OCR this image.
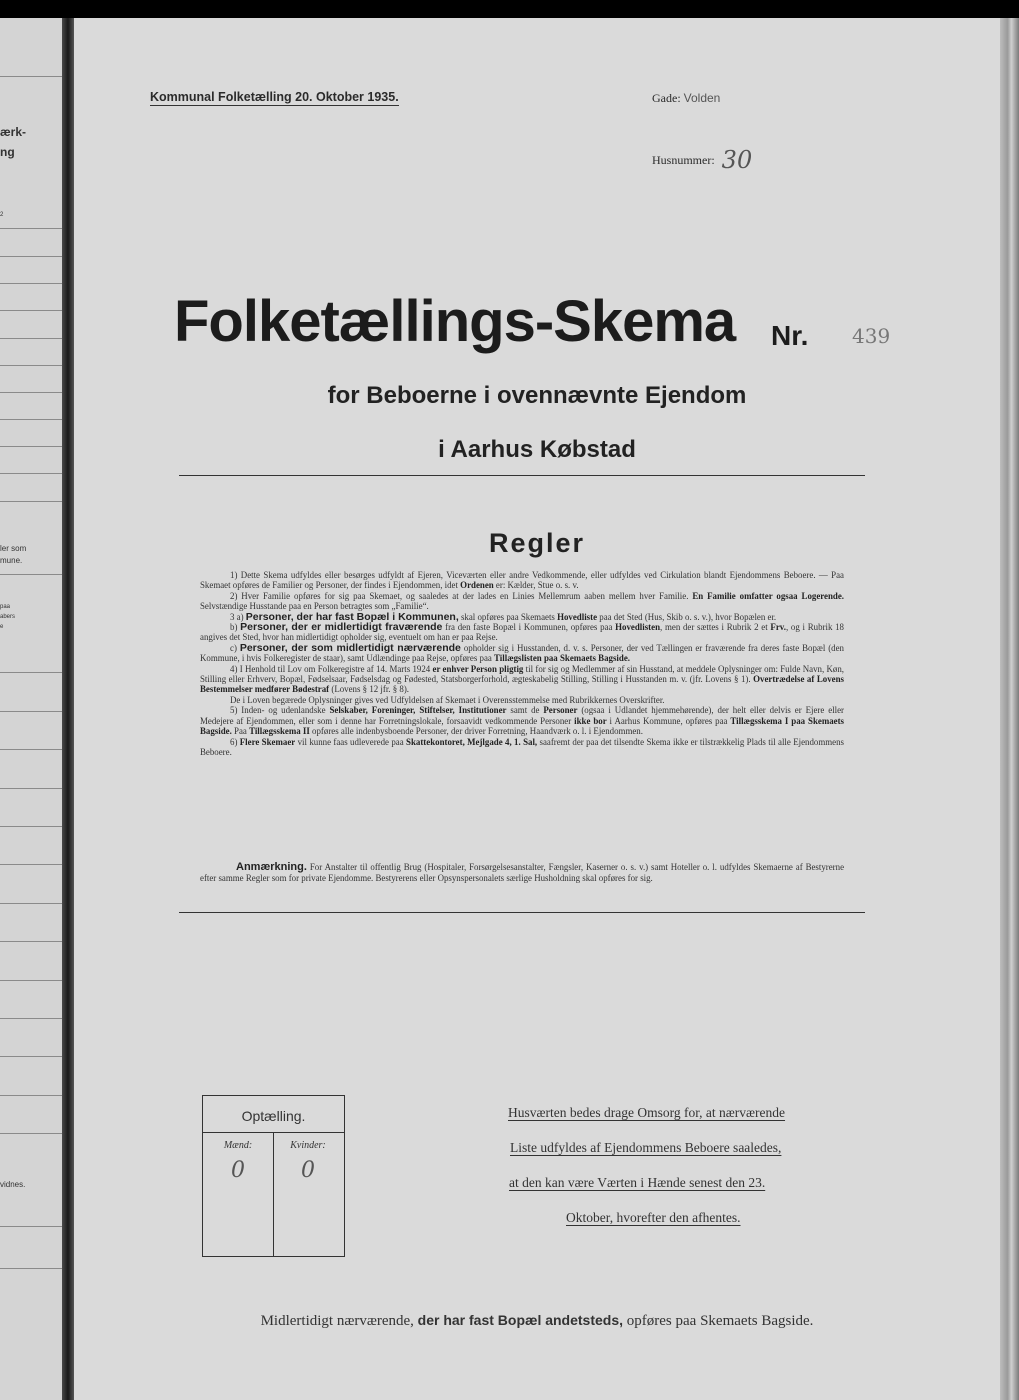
ærk-
ng
2
ler som
mune.
paa
abers
e
vidnes.
Kommunal Folketælling 20. Oktober 1935.	Gade: Volden
Husnummer: 30
Folketællings-Skema Nr. 439
for Beboerne i ovennævnte Ejendom
i Aarhus Købstad
Regler

1) Dette Skema udfyldes eller besørges udfyldt af Ejeren, Viceværten eller andre Vedkommende, eller udfyldes ved Cirkulation blandt Ejendommens Beboere. — Paa Skemaet opføres de Familier og Personer, der findes i Ejendommen, idet Ordenen er: Kælder, Stue o. s. v.

2) Hver Familie opføres for sig paa Skemaet, og saaledes at der lades en Linies Mellemrum aaben mellem hver Familie. En Familie omfatter ogsaa Logerende. Selvstændige Husstande paa en Person betragtes som „Familie“.

3 a) Personer, der har fast Bopæl i Kommunen, skal opføres paa Skemaets Hovedliste paa det Sted (Hus, Skib o. s. v.), hvor Bopælen er.

b) Personer, der er midlertidigt fraværende fra den faste Bopæl i Kommunen, opføres paa Hovedlisten, men der sættes i Rubrik 2 et Frv., og i Rubrik 18 angives det Sted, hvor han midlertidigt opholder sig, eventuelt om han er paa Rejse.

c) Personer, der som midlertidigt nærværende opholder sig i Husstanden, d. v. s. Personer, der ved Tællingen er fraværende fra deres faste Bopæl (den Kommune, i hvis Folkeregister de staar), samt Udlændinge paa Rejse, opføres paa Tillægslisten paa Skemaets Bagside.

4) I Henhold til Lov om Folkeregistre af 14. Marts 1924 er enhver Person pligtig til for sig og Medlemmer af sin Husstand, at meddele Oplysninger om: Fulde Navn, Køn, Stilling eller Erhverv, Bopæl, Fødselsaar, Fødselsdag og Fødested, Statsborgerforhold, ægteskabelig Stilling, Stilling i Husstanden m. v. (jfr. Lovens § 1). Overtrædelse af Lovens Bestemmelser medfører Bødestraf (Lovens § 12 jfr. § 8).

De i Loven begærede Oplysninger gives ved Udfyldelsen af Skemaet i Overensstemmelse med Rubrikkernes Overskrifter.

5) Inden- og udenlandske Selskaber, Foreninger, Stiftelser, Institutioner samt de Personer (ogsaa i Udlandet hjemmehørende), der helt eller delvis er Ejere eller Medejere af Ejendommen, eller som i denne har Forretningslokale, forsaavidt vedkommende Personer ikke bor i Aarhus Kommune, opføres paa Tillægsskema I paa Skemaets Bagside. Paa Tillægsskema II opføres alle indenbysboende Personer, der driver Forretning, Haandværk o. l. i Ejendommen.

6) Flere Skemaer vil kunne faas udleverede paa Skattekontoret, Mejlgade 4, 1. Sal, saafremt der paa det tilsendte Skema ikke er tilstrækkelig Plads til alle Ejendommens Beboere.

Anmærkning. For Anstalter til offentlig Brug (Hospitaler, Forsørgelsesanstalter, Fængsler, Kaserner o. s. v.) samt Hoteller o. l. udfyldes Skemaerne af Bestyrerne efter samme Regler som for private Ejendomme. Bestyrerens eller Opsynspersonalets særlige Husholdning skal opføres for sig.

Optælling.
Mænd:	Kvinder:
0	0
Husværten bedes drage Omsorg for, at nærværende
Liste udfyldes af Ejendommens Beboere saaledes,
at den kan være Værten i Hænde senest den 23.
Oktober, hvorefter den afhentes.
Midlertidigt nærværende, der har fast Bopæl andetsteds, opføres paa Skemaets Bagside.
